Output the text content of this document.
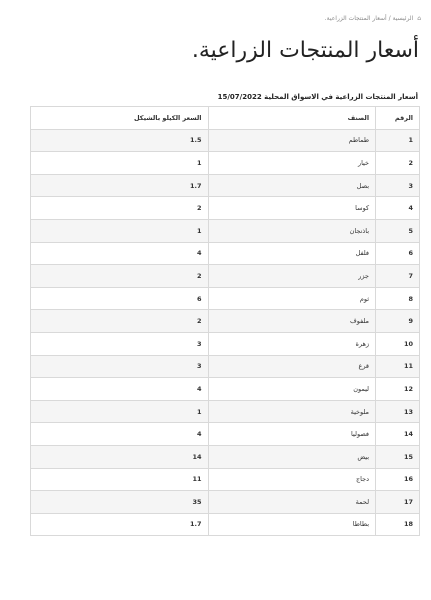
⌂ الرئيسية / أسعار المنتجات الزراعية.
أسعار المنتجات الزراعية.
أسعار المنتجات الزراعية في الاسواق المحلية 15/07/2022
الرقم	الصنف	السعر الكيلو بالشيكل
1	طماطم	1.5
2	خيار	1
3	بصل	1.7
4	كوسا	2
5	باذنجان	1
6	فلفل	4
7	جزر	2
8	ثوم	6
9	ملفوف	2
10	زهرة	3
11	قرع	3
12	ليمون	4
13	ملوخية	1
14	فصوليا	4
15	بيض	14
16	دجاج	11
17	لحمة	35
18	بطاطا	1.7
